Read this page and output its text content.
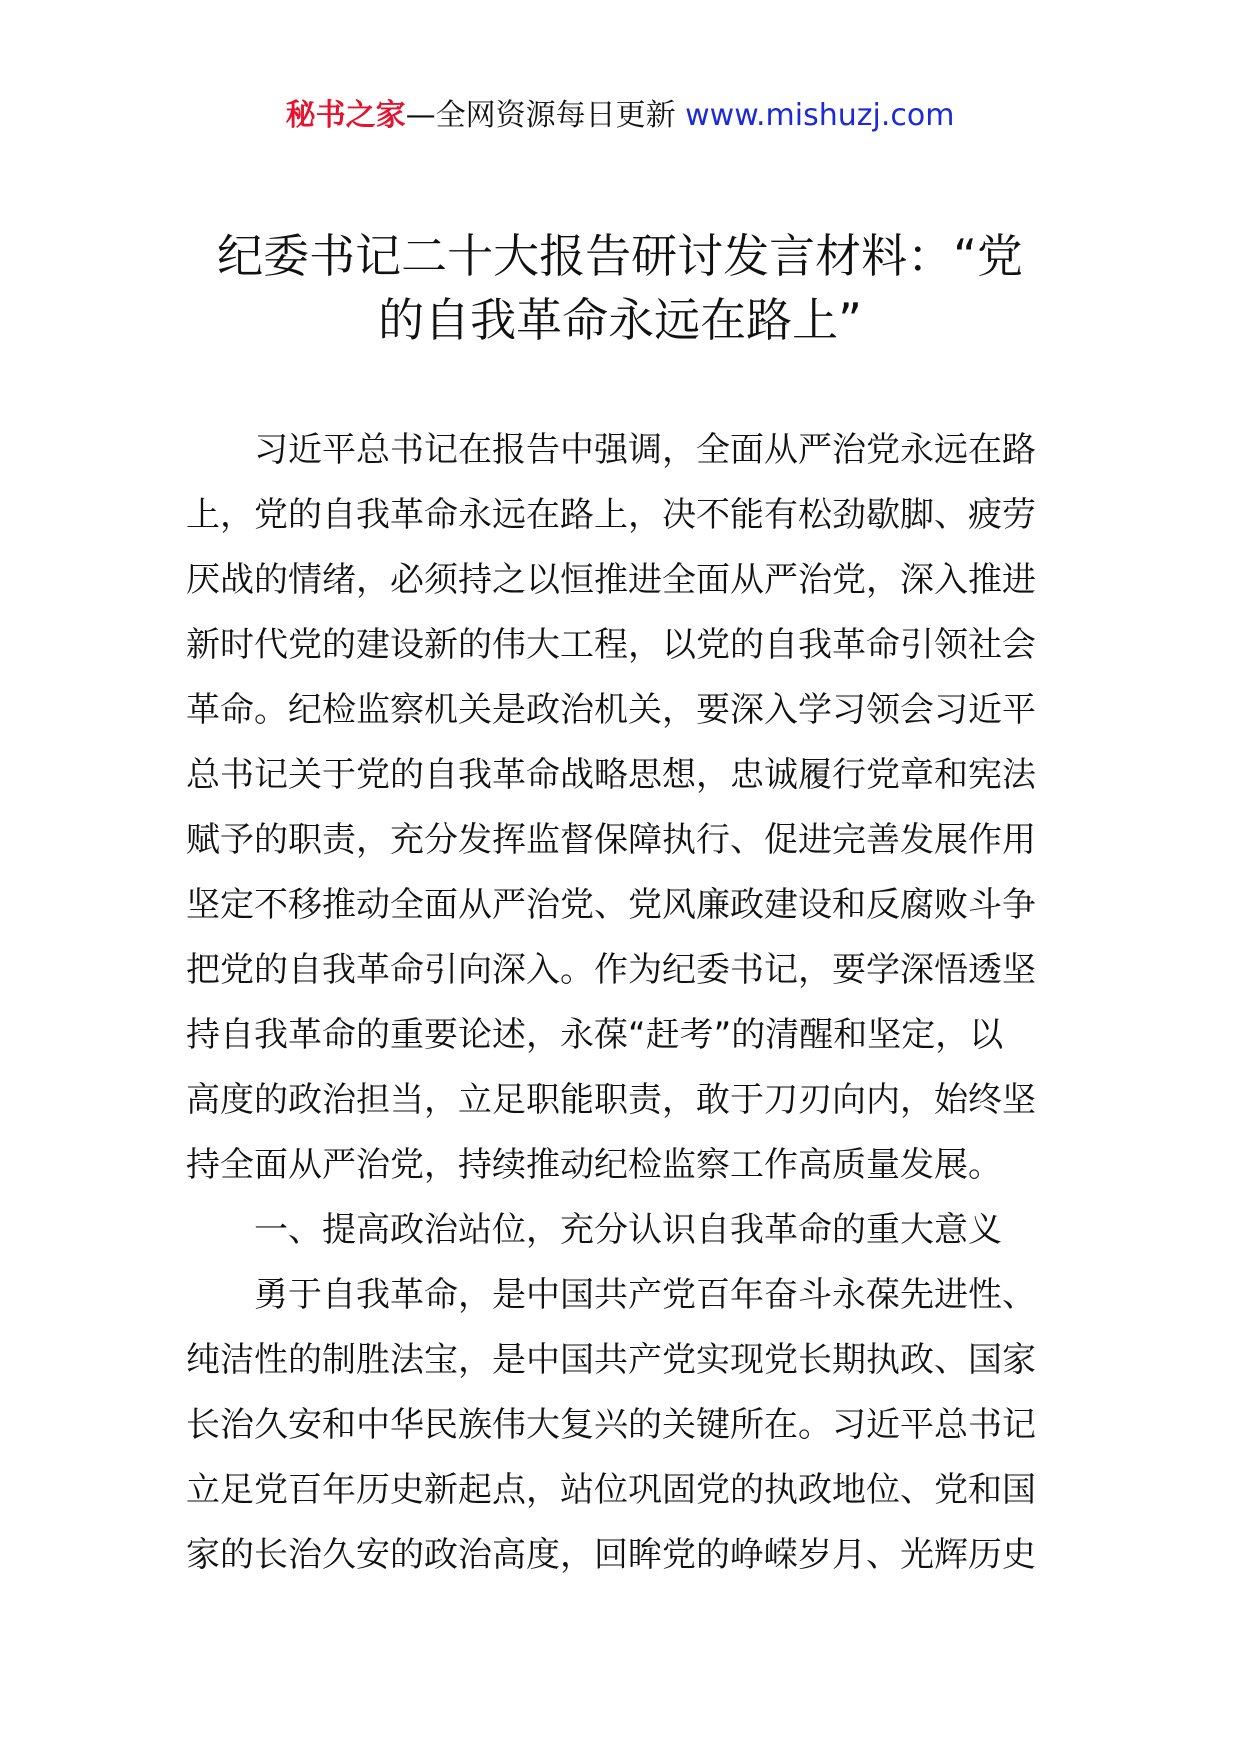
秘书之家—全网资源每日更新 www.mishuzj.com
纪委书记二十大报告研讨发言材料：“党
的自我革命永远在路上”
习近平总书记在报告中强调，全面从严治党永远在路
上，党的自我革命永远在路上，决不能有松劲歇脚、疲劳
厌战的情绪，必须持之以恒推进全面从严治党，深入推进
新时代党的建设新的伟大工程，以党的自我革命引领社会
革命。纪检监察机关是政治机关，要深入学习领会习近平
总书记关于党的自我革命战略思想，忠诚履行党章和宪法
赋予的职责，充分发挥监督保障执行、促进完善发展作用
坚定不移推动全面从严治党、党风廉政建设和反腐败斗争
把党的自我革命引向深入。作为纪委书记，要学深悟透坚
持自我革命的重要论述，永葆“赶考”的清醒和坚定，以
高度的政治担当，立足职能职责，敢于刀刃向内，始终坚
持全面从严治党，持续推动纪检监察工作高质量发展。
一、提高政治站位，充分认识自我革命的重大意义
勇于自我革命，是中国共产党百年奋斗永葆先进性、
纯洁性的制胜法宝，是中国共产党实现党长期执政、国家
长治久安和中华民族伟大复兴的关键所在。习近平总书记
立足党百年历史新起点，站位巩固党的执政地位、党和国
家的长治久安的政治高度，回眸党的峥嵘岁月、光辉历史
